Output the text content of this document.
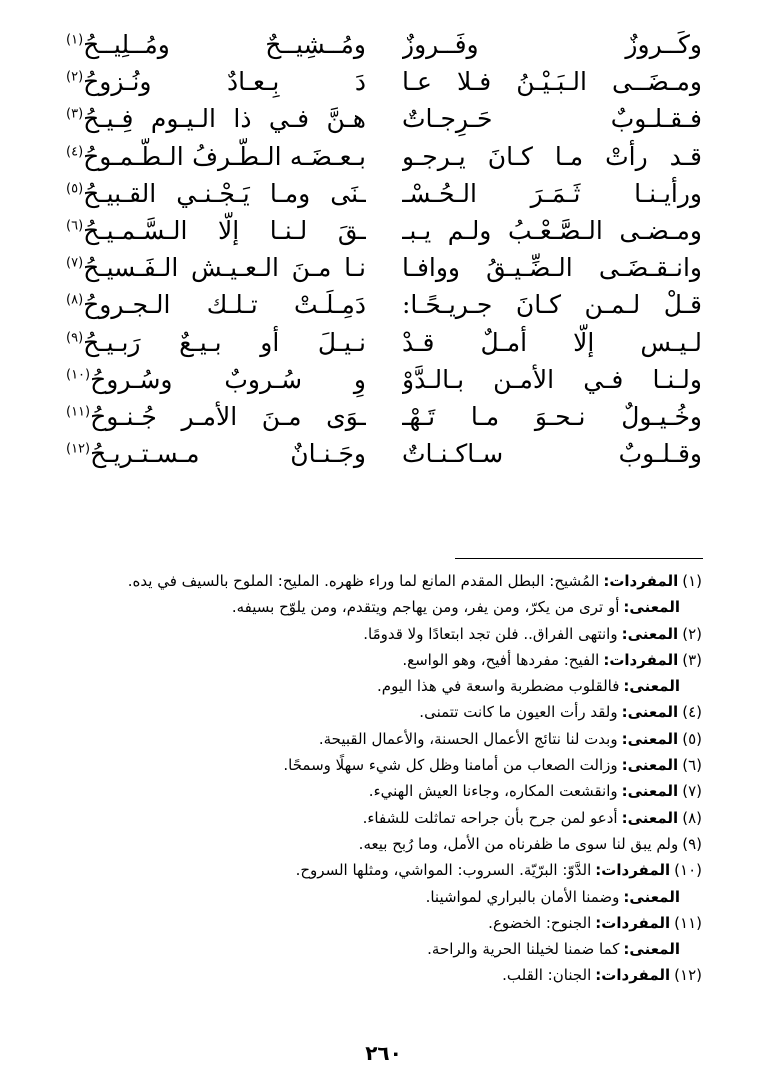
وكَــروزٌ وفَــروزٌ
ومُــشِيــحٌ ومُــلِيــحُ$^{(١)}$
ومـضَــى الـبَـيْـنُ فـلا عـا
دَ بِـعـادٌ ونُـزوحُ$^{(٢)}$
فـقـلـوبٌ حَـرِجـاتٌ
هـنَّ فـي ذا الـيـوم فِـيـحُ$^{(٣)}$
قـد رأتْ مـا كـانَ يـرجـو
بـعـضَـه الـطَّـرفُ الـطَّـمـوحُ$^{(٤)}$
ورأيـنـا ثَـمَـرَ الـحُـسْـ
ـنَى ومـا يَـجْـنـي القـبيـحُ$^{(٥)}$
ومـضـى الـصَّـعْـبُ ولـم يـبـ
ـقَ لـنـا إلّا الـسَّـمـيـحُ$^{(٦)}$
وانـقـضَـى الـضِّـيـقُ ووافـا
نـا مـنَ الـعـيـش الـفَـسيـحُ$^{(٧)}$
قـلْ لـمـن كـانَ جـريـحًـا:
دَمِـلَـتْ تـلـك الـجـروحُ$^{(٨)}$
لـيـس إلّا أمـلٌ قـدْ
نـيـلَ أو بـيـعٌ رَبـيـحُ$^{(٩)}$
ولـنـا فـي الأمـن بـالـدَّوْ
وِ سُـروبٌ وسُـروحُ$^{(١٠)}$
وخُـيـولٌ نـحـوَ مـا تَـهْـ
ـوَى مـنَ الأمـر جُـنـوحُ$^{(١١)}$
وقـلـوبٌ سـاكـنـاتٌ
وجَـنـانٌ مـسـتـريـحُ$^{(١٢)}$
(١)المفردات:المُشيح: البطل المقدم المانع لما وراء ظهره. المليح: الملوح بالسيف في يده.
المعنى:أو ترى من يكرّ، ومن يفر، ومن يهاجم ويتقدم، ومن يلوّح بسيفه.
(٢)المعنى:وانتهى الفراق.. فلن تجد ابتعادًا ولا قدومًا.
(٣)المفردات:الفيح: مفردها أفيح، وهو الواسع.
المعنى:فالقلوب مضطربة واسعة في هذا اليوم.
(٤)المعنى:ولقد رأت العيون ما كانت تتمنى.
(٥)المعنى:وبدت لنا نتائج الأعمال الحسنة، والأعمال القبيحة.
(٦)المعنى:وزالت الصعاب من أمامنا وظل كل شيء سهلًا وسمحًا.
(٧)المعنى:وانقشعت المكاره، وجاءنا العيش الهنيء.
(٨)المعنى:أدعو لمن جرح بأن جراحه تماثلت للشفاء.
(٩)ولم يبق لنا سوى ما ظفرناه من الأمل، وما رُبح بيعه.
(١٠)المفردات:الدَّوّ: البرّيّة. السروب: المواشي، ومثلها السروح.
المعنى:وضمنا الأمان بالبراري لمواشينا.
(١١)المفردات:الجنوح: الخضوع.
المعنى:كما ضمنا لخيلنا الحرية والراحة.
(١٢)المفردات:الجنان: القلب.
٢٦٠
